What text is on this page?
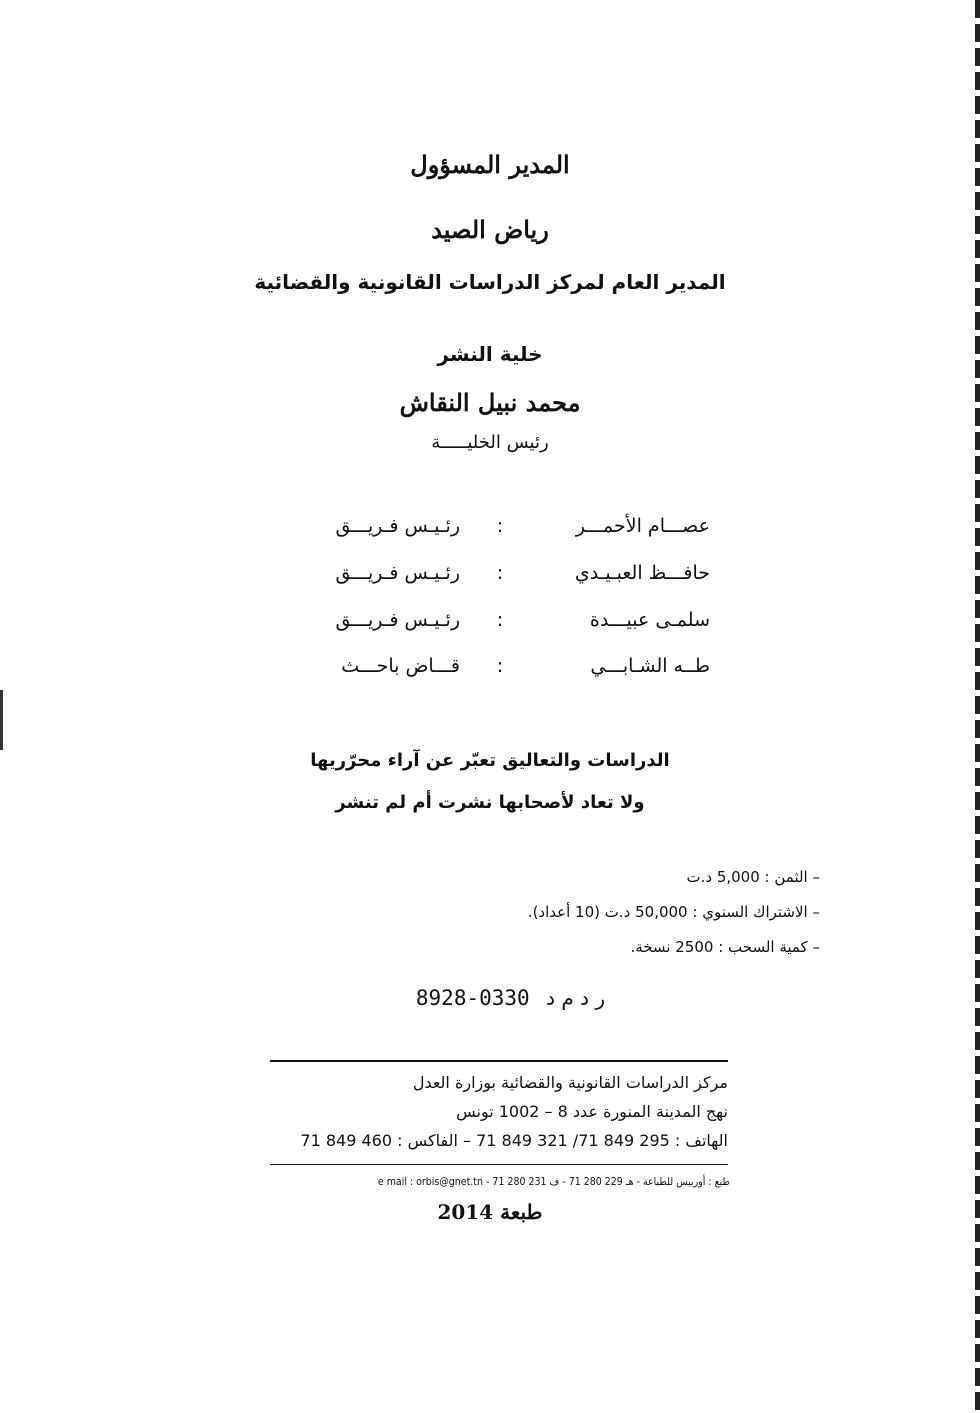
المدير المسؤول
رياض الصيد
المدير العام لمركز الدراسات القانونية والقضائية
خلية النشر
محمد نبيل النقاش
رئيس الخليـــــة
عصـــام الأحمـــر
:
رئـيـس فـريـــق
حافـــظ العبـيـدي
:
رئـيـس فـريـــق
سلمـى عبيـــدة
:
رئـيـس فـريـــق
طــه الشـابـــي
:
قـــاض باحـــث
الدراسات والتعاليق تعبّر عن آراء محرّريها
ولا تعاد لأصحابها نشرت أم لم تنشر
– الثمن : 5,000 د.ت
– الاشتراك السنوي : 50,000 د.ت (10 أعداد).
– كمية السحب : 2500 نسخة.
ر د م د 0330-8928
مركز الدراسات القانونية والقضائية بوزارة العدل
نهج المدينة المنورة عدد 8 – 1002 تونس
الهاتف : 295 849 71/ 321 849 71 – الفاكس : 460 849 71
طبع : أوربيس للطباعة - هـ 229 280 71 - ف 231 280 71 - e mail : orbis@gnet.tn
طبعة 2014
